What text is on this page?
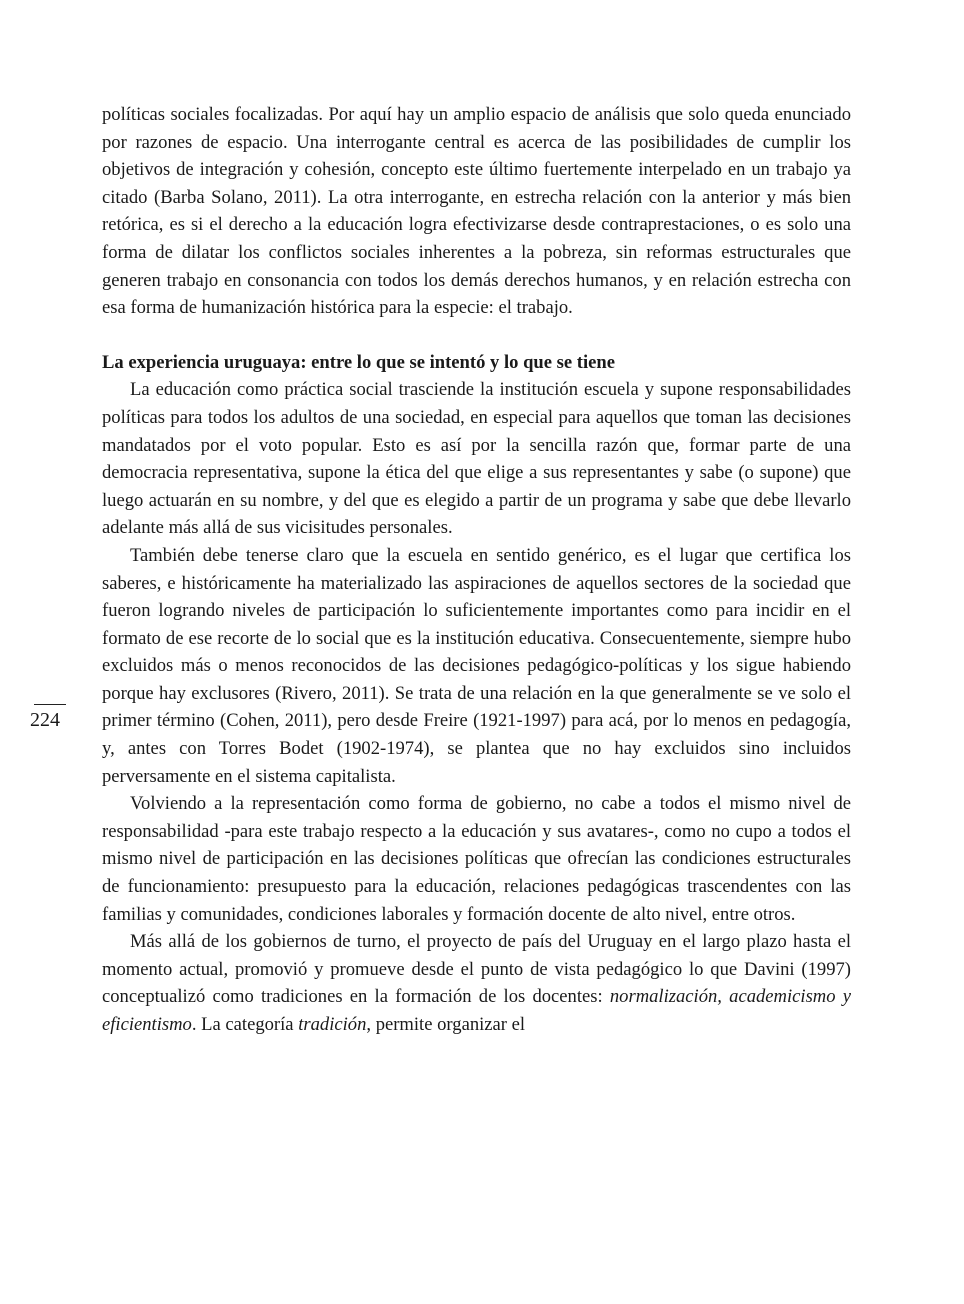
224

políticas sociales focalizadas. Por aquí hay un amplio espacio de análisis que solo queda enunciado por razones de espacio. Una interrogante central es acerca de las posibilidades de cumplir los objetivos de integración y cohesión, concepto este último fuertemente interpelado en un trabajo ya citado (Barba Solano, 2011). La otra interrogante, en estrecha relación con la anterior y más bien retórica, es si el derecho a la educación logra efectivizarse desde contraprestaciones, o es solo una forma de dilatar los conflictos sociales inherentes a la pobreza, sin reformas estructurales que generen trabajo en consonancia con todos los demás derechos humanos, y en relación estrecha con esa forma de humanización histórica para la especie: el trabajo.

La experiencia uruguaya: entre lo que se intentó y lo que se tiene

La educación como práctica social trasciende la institución escuela y supone responsabilidades políticas para todos los adultos de una sociedad, en especial para aquellos que toman las decisiones mandatados por el voto popular. Esto es así por la sencilla razón que, formar parte de una democracia representativa, supone la ética del que elige a sus representantes y sabe (o supone) que luego actuarán en su nombre, y del que es elegido a partir de un programa y sabe que debe llevarlo adelante más allá de sus vicisitudes personales.

También debe tenerse claro que la escuela en sentido genérico, es el lugar que certifica los saberes, e históricamente ha materializado las aspiraciones de aquellos sectores de la sociedad que fueron logrando niveles de participación lo suficientemente importantes como para incidir en el formato de ese recorte de lo social que es la institución educativa. Consecuentemente, siempre hubo excluidos más o menos reconocidos de las decisiones pedagógico-políticas y los sigue habiendo porque hay exclusores (Rivero, 2011). Se trata de una relación en la que generalmente se ve solo el primer término (Cohen, 2011), pero desde Freire (1921-1997) para acá, por lo menos en pedagogía, y, antes con Torres Bodet (1902-1974), se plantea que no hay excluidos sino incluidos perversamente en el sistema capitalista.

Volviendo a la representación como forma de gobierno, no cabe a todos el mismo nivel de responsabilidad -para este trabajo respecto a la educación y sus avatares-, como no cupo a todos el mismo nivel de participación en las decisiones políticas que ofrecían las condiciones estructurales de funcionamiento: presupuesto para la educación, relaciones pedagógicas trascendentes con las familias y comunidades, condiciones laborales y formación docente de alto nivel, entre otros.

Más allá de los gobiernos de turno, el proyecto de país del Uruguay en el largo plazo hasta el momento actual, promovió y promueve desde el punto de vista pedagógico lo que Davini (1997) conceptualizó como tradiciones en la formación de los docentes: normalización, academicismo y eficientismo. La categoría tradición, permite organizar el
